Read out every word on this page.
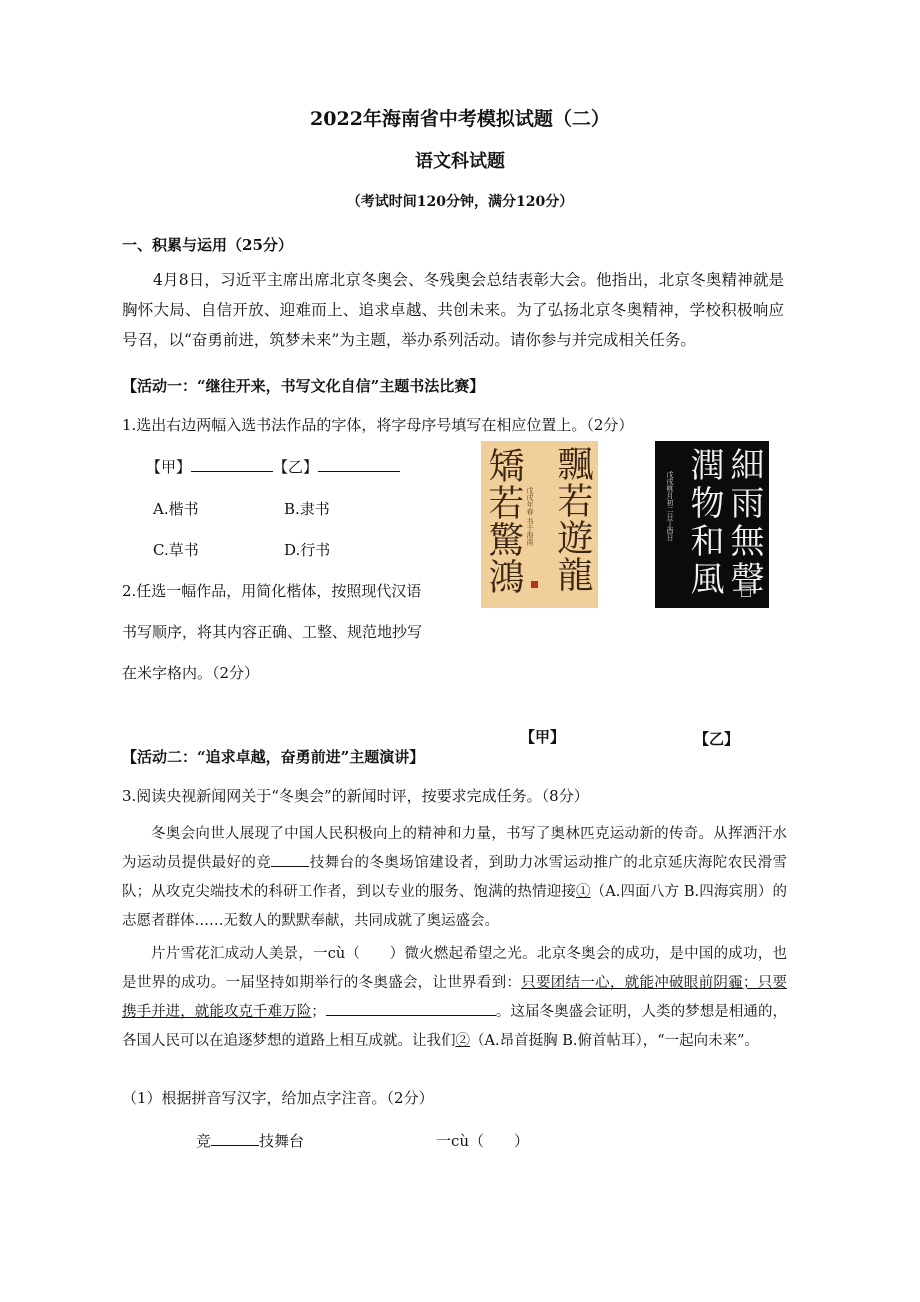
2022年海南省中考模拟试题（二）
语文科试题
（考试时间120分钟，满分120分）
一、积累与运用（25分）
4月8日，习近平主席出席北京冬奥会、冬残奥会总结表彰大会。他指出，北京冬奥精神就是胸怀大局、自信开放、迎难而上、追求卓越、共创未来。为了弘扬北京冬奥精神，学校积极响应号召，以“奋勇前进，筑梦未来”为主题，举办系列活动。请你参与并完成相关任务。
【活动一：“继往开来，书写文化自信”主题书法比赛】
1.选出右边两幅入选书法作品的字体，将字母序号填写在相应位置上。（2分）
【甲】	【乙】
A.楷书	B.隶书
C.草书	D.行书
2.任选一幅作品，用简化楷体，按照现代汉语
书写顺序，将其内容正确、工整、规范地抄写
在米字格内。（2分）
飄若遊龍
矯若驚鴻 戊戌年春 书于海南	細雨無聲
潤物和風
戊戌桃月初二日丁酉日
【甲】	【乙】
【活动二：“追求卓越，奋勇前进”主题演讲】
3.阅读央视新闻网关于“冬奥会”的新闻时评，按要求完成任务。（8分）
冬奥会向世人展现了中国人民积极向上的精神和力量，书写了奥林匹克运动新的传奇。从挥洒汗水为运动员提供最好的竞	技舞台的冬奥场馆建设者，到助力冰雪运动推广的北京延庆海陀农民滑雪队；从攻克尖端技术的科研工作者，到以专业的服务、饱满的热情迎接①（A.四面八方 B.四海宾朋）的志愿者群体……无数人的默默奉献，共同成就了奥运盛会。
片片雪花汇成动人美景，一cù（　　）微火燃起希望之光。北京冬奥会的成功，是中国的成功，也是世界的成功。一届坚持如期举行的冬奥盛会，让世界看到：只要团结一心，就能冲破眼前阴霾；只要携手并进，就能攻克千难万险；	。这届冬奥盛会证明，人类的梦想是相通的，各国人民可以在追逐梦想的道路上相互成就。让我们②（A.昂首挺胸 B.俯首帖耳），“一起向未来”。
（1）根据拼音写汉字，给加点字注音。（2分）
竞	技舞台	一cù（　　）
